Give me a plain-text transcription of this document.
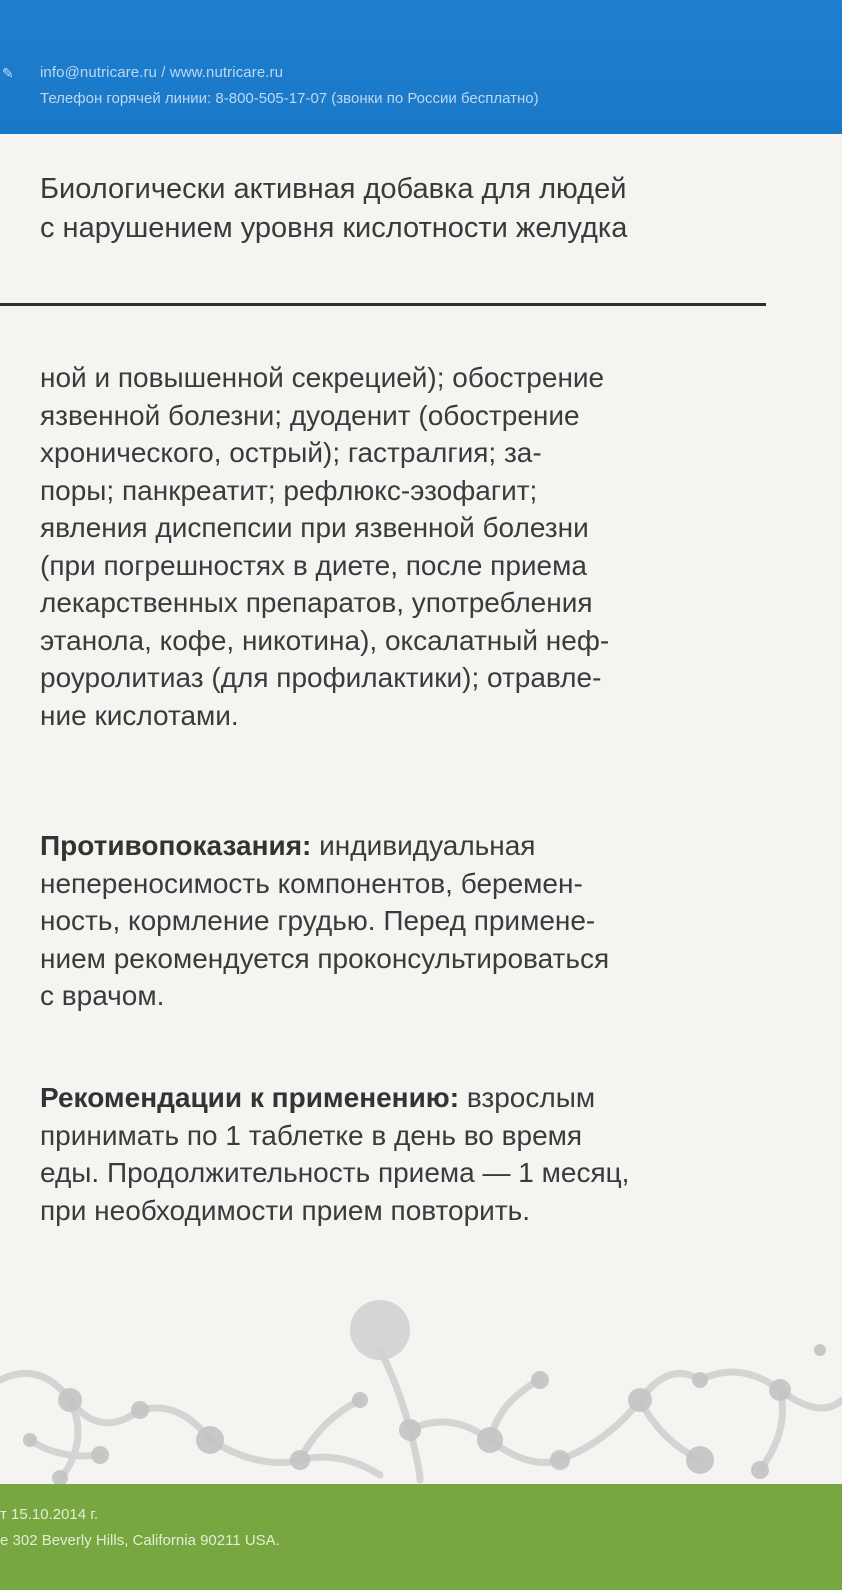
✎ info@nutricare.ru / www.nutricare.ru
Телефон горячей линии: 8-800-505-17-07 (звонки по России бесплатно)
Биологически активная добавка для людей
с нарушением уровня кислотности желудка
ной и повышенной секрецией); обострение
язвенной болезни; дуоденит (обострение
хронического, острый); гастралгия; за-
поры; панкреатит; рефлюкс-эзофагит;
явления диспепсии при язвенной болезни
(при погрешностях в диете, после приема
лекарственных препаратов, употребления
этанола, кофе, никотина), оксалатный неф-
роуролитиаз (для профилактики); отравле-
ние кислотами.
Противопоказания: индивидуальная
непереносимость компонентов, беремен-
ность, кормление грудью. Перед примене-
нием рекомендуется проконсультироваться
с врачом.
Рекомендации к применению: взрослым
принимать по 1 таблетке в день во время
еды. Продолжительность приема — 1 месяц,
при необходимости прием повторить.
т 15.10.2014 г.
е 302 Beverly Hills, California 90211 USA.
